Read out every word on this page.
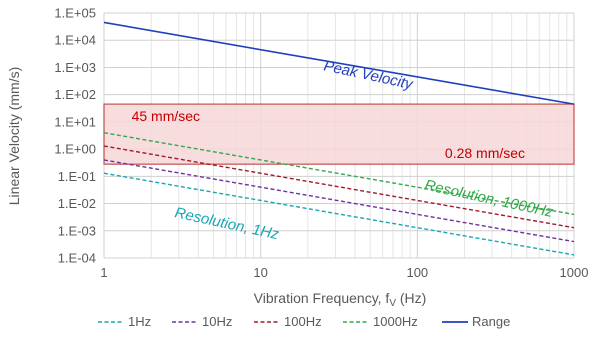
1.E-04
1.E-03
1.E-02
1.E-01
1.E+00
1.E+01
1.E+02
1.E+03
1.E+04
1.E+05
1	10	100	1000
Peak Velocity
45 mm/sec
0.28 mm/sec
Resolution, 1000Hz
Resolution, 1Hz
Linear Velocity (mm/s)
Vibration Frequency, $f_V$ (Hz)
1Hz	10Hz	100Hz	1000Hz	Range
